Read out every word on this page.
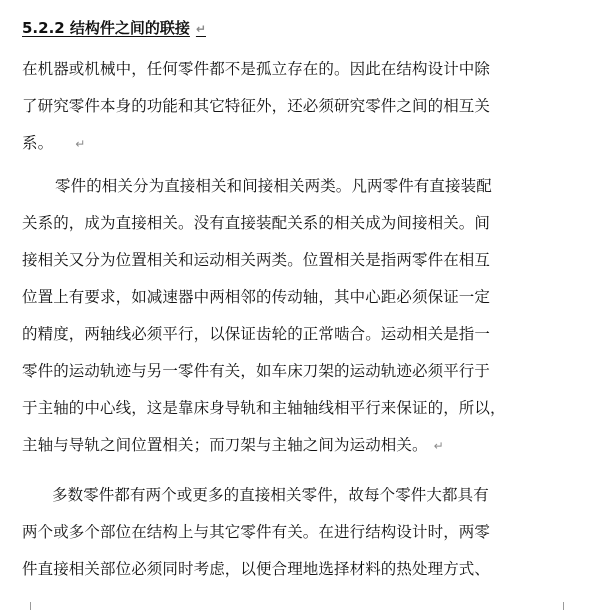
5.2.2 结构件之间的联接 ↵
在机器或机械中，任何零件都不是孤立存在的。因此在结构设计中除
了研究零件本身的功能和其它特征外，还必须研究零件之间的相互关
系。 ↵
零件的相关分为直接相关和间接相关两类。凡两零件有直接装配
关系的，成为直接相关。没有直接装配关系的相关成为间接相关。间
接相关又分为位置相关和运动相关两类。位置相关是指两零件在相互
位置上有要求，如减速器中两相邻的传动轴，其中心距必须保证一定
的精度，两轴线必须平行，以保证齿轮的正常啮合。运动相关是指一
零件的运动轨迹与另一零件有关，如车床刀架的运动轨迹必须平行于
于主轴的中心线，这是靠床身导轨和主轴轴线相平行来保证的，所以，
主轴与导轨之间位置相关；而刀架与主轴之间为运动相关。 ↵
多数零件都有两个或更多的直接相关零件，故每个零件大都具有
两个或多个部位在结构上与其它零件有关。在进行结构设计时，两零
件直接相关部位必须同时考虑，以便合理地选择材料的热处理方式、
